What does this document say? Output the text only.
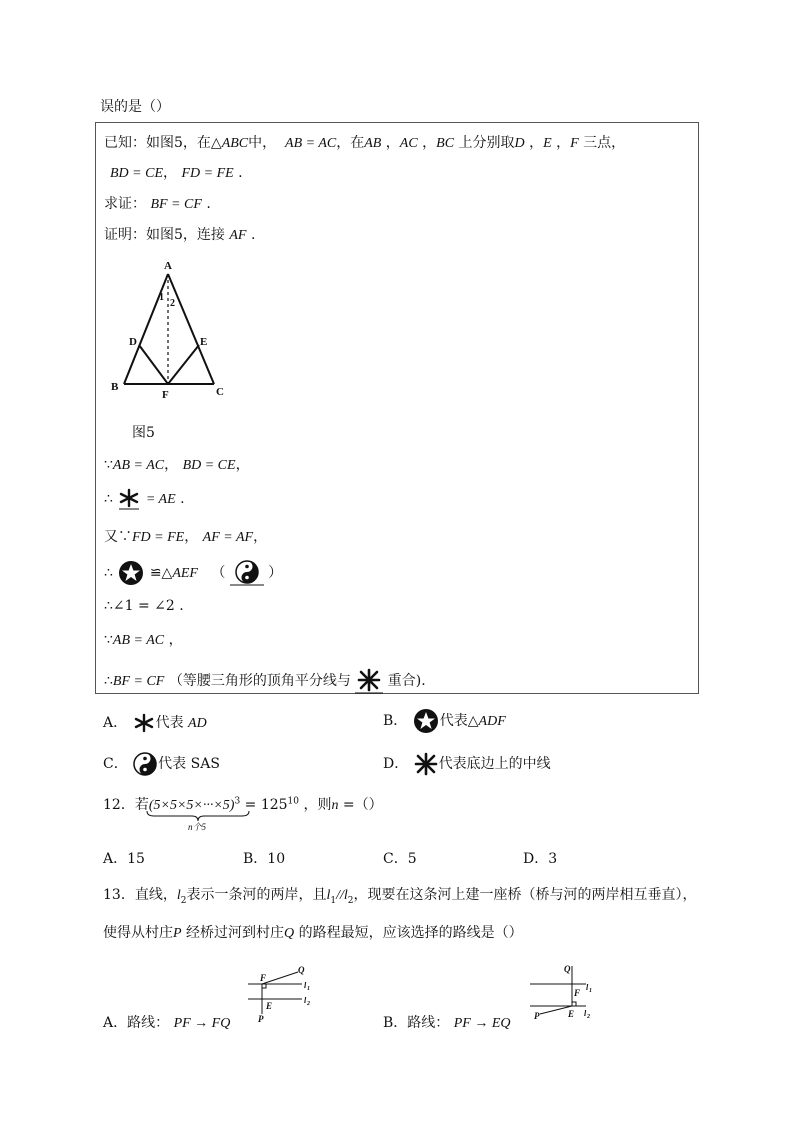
误的是（）
已知：如图5，在△ABC中， AB = AC，在AB ，AC ，BC 上分别取D ，E ，F 三点，
BD = CE， FD = FE .
求证： BF = CF .
证明：如图5，连接 AF .
A
B	C
D	E
F
1
2
图5
∵AB = AC， BD = CE，
∴ = AE .
又∵FD = FE， AF = AF，
∴	≌△AEF （	）
∴∠1 = ∠2 .
∵AB = AC ，
∴BF = CF （等腰三角形的顶角平分线与	重合).
A． 代表 AD	B． 代表△ADF
C． 代表 SAS	D． 代表底边上的中线
12．若$(5\times 5\times 5\times\cdot\cdot\cdot\times 5)^3 = 125^{10}$ ，则n =（）
n个5
A．15	B．10	C．5	D．3
13．直线，$l_2$表示一条河的两岸，且$l_1//l_2$，现要在这条河上建一座桥（桥与河的两岸相互垂直），
使得从村庄P 经桥过河到村庄Q 的路程最短，应该选择的路线是（）
F
Q
E
P
l 1
l 2
A．路线： PF → FQ
Q
F
E
P
l 1
l 2
B．路线： PF → EQ
